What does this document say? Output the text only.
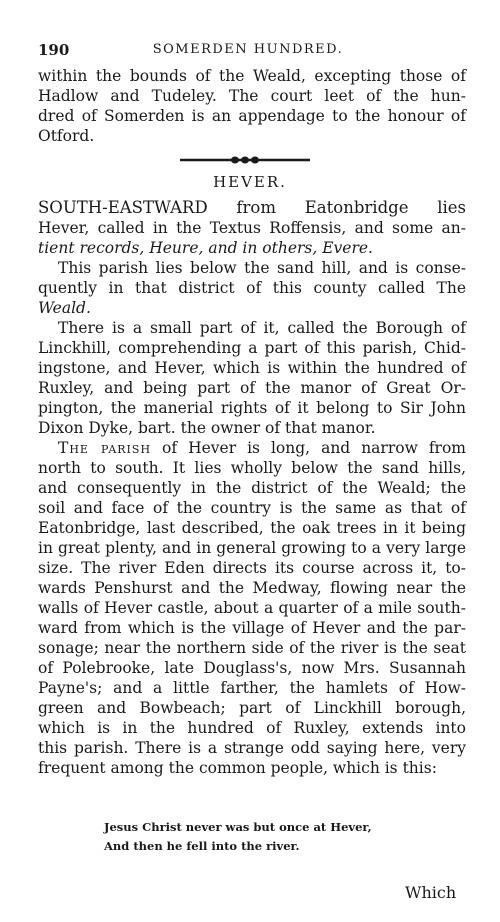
190	SOMERDEN HUNDRED.
within the bounds of the Weald, excepting those of
Hadlow and Tudeley. The court leet of the hun-
dred of Somerden is an appendage to the honour of
Otford.
HEVER.
SOUTH-EASTWARD from Eatonbridge lies
Hever, called in the Textus Roffensis, and some an-
tient records, Heure, and in others, Evere.
This parish lies below the sand hill, and is conse-
quently in that district of this county called The
Weald.
There is a small part of it, called the Borough of
Linckhill, comprehending a part of this parish, Chid-
ingstone, and Hever, which is within the hundred of
Ruxley, and being part of the manor of Great Or-
pington, the manerial rights of it belong to Sir John
Dixon Dyke, bart. the owner of that manor.
The parish of Hever is long, and narrow from
north to south. It lies wholly below the sand hills,
and consequently in the district of the Weald; the
soil and face of the country is the same as that of
Eatonbridge, last described, the oak trees in it being
in great plenty, and in general growing to a very large
size. The river Eden directs its course across it, to-
wards Penshurst and the Medway, flowing near the
walls of Hever castle, about a quarter of a mile south-
ward from which is the village of Hever and the par-
sonage; near the northern side of the river is the seat
of Polebrooke, late Douglass's, now Mrs. Susannah
Payne's; and a little farther, the hamlets of How-
green and Bowbeach; part of Linckhill borough,
which is in the hundred of Ruxley, extends into
this parish. There is a strange odd saying here, very
frequent among the common people, which is this:
Jesus Christ never was but once at Hever,
And then he fell into the river.
Which
